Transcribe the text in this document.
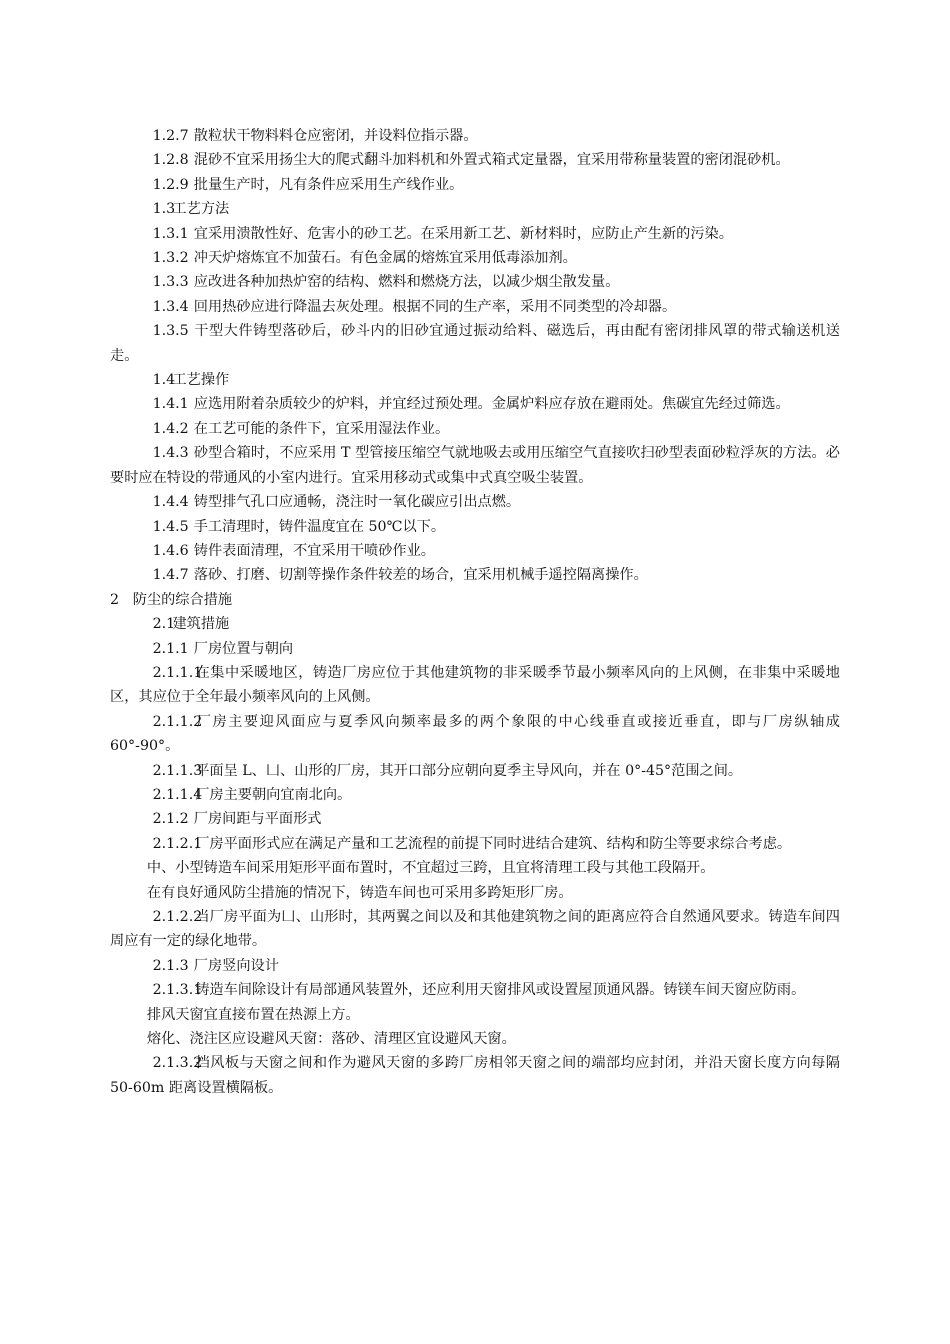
1.2.7 散粒状干物料料仓应密闭，并设料位指示器。

1.2.8 混砂不宜采用扬尘大的爬式翻斗加料机和外置式箱式定量器，宜采用带称量装置的密闭混砂机。

1.2.9 批量生产时，凡有条件应采用生产线作业。

1.3工艺方法

1.3.1 宜采用溃散性好、危害小的砂工艺。在采用新工艺、新材料时，应防止产生新的污染。

1.3.2 冲天炉熔炼宜不加萤石。有色金属的熔炼宜采用低毒添加剂。

1.3.3 应改进各种加热炉窑的结构、燃料和燃烧方法，以减少烟尘散发量。

1.3.4 回用热砂应进行降温去灰处理。根据不同的生产率，采用不同类型的冷却器。

1.3.5 干型大件铸型落砂后，砂斗内的旧砂宜通过振动给料、磁选后，再由配有密闭排风罩的带式输送机送走。

1.4工艺操作

1.4.1 应选用附着杂质较少的炉料，并宜经过预处理。金属炉料应存放在避雨处。焦碳宜先经过筛选。

1.4.2 在工艺可能的条件下，宜采用湿法作业。

1.4.3 砂型合箱时，不应采用 T 型管接压缩空气就地吸去或用压缩空气直接吹扫砂型表面砂粒浮灰的方法。必要时应在特设的带通风的小室内进行。宜采用移动式或集中式真空吸尘装置。

1.4.4 铸型排气孔口应通畅，浇注时一氧化碳应引出点燃。

1.4.5 手工清理时，铸件温度宜在 50℃以下。

1.4.6 铸件表面清理，不宜采用干喷砂作业。

1.4.7 落砂、打磨、切割等操作条件较差的场合，宜采用机械手遥控隔离操作。

2 防尘的综合措施

2.1建筑措施

2.1.1 厂房位置与朝向

2.1.1.1在集中采暖地区，铸造厂房应位于其他建筑物的非采暖季节最小频率风向的上风侧，在非集中采暖地区，其应位于全年最小频率风向的上风侧。

2.1.1.2厂房主要迎风面应与夏季风向频率最多的两个象限的中心线垂直或接近垂直，即与厂房纵轴成 60°-90°。

2.1.1.3平面呈 L、凵、山形的厂房，其开口部分应朝向夏季主导风向，并在 0°-45°范围之间。

2.1.1.4厂房主要朝向宜南北向。

2.1.2 厂房间距与平面形式

2.1.2.1厂房平面形式应在满足产量和工艺流程的前提下同时进结合建筑、结构和防尘等要求综合考虑。

中、小型铸造车间采用矩形平面布置时，不宜超过三跨，且宜将清理工段与其他工段隔开。

在有良好通风防尘措施的情况下，铸造车间也可采用多跨矩形厂房。

2.1.2.2当厂房平面为凵、山形时，其两翼之间以及和其他建筑物之间的距离应符合自然通风要求。铸造车间四周应有一定的绿化地带。

2.1.3 厂房竖向设计

2.1.3.1铸造车间除设计有局部通风装置外，还应利用天窗排风或设置屋顶通风器。铸镁车间天窗应防雨。

排风天窗宜直接布置在热源上方。

熔化、浇注区应设避风天窗：落砂、清理区宜设避风天窗。

2.1.3.2挡风板与天窗之间和作为避风天窗的多跨厂房相邻天窗之间的端部均应封闭，并沿天窗长度方向每隔 50-60m 距离设置横隔板。
